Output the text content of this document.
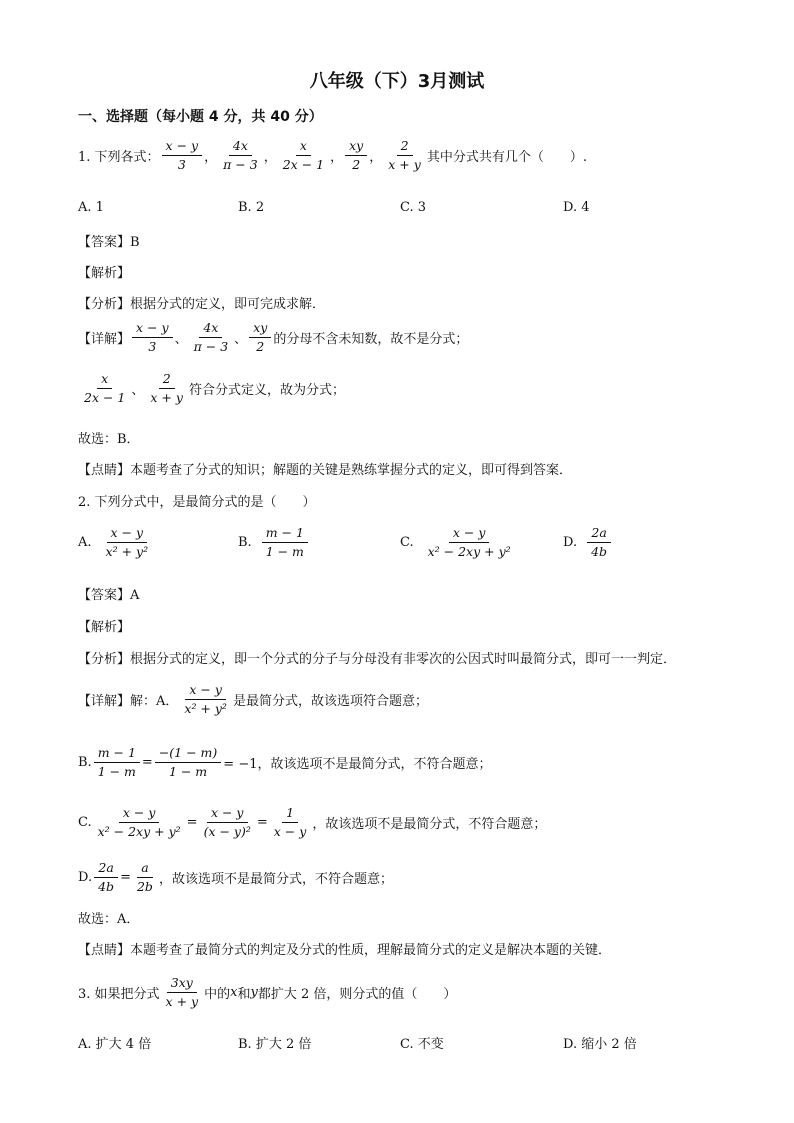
八年级（下）3月测试
一、选择题（每小题 4 分，共 40 分）
1. 下列各式：
x − y
3	，
4x
π − 3 ，
x
2x − 1 ，
xy
2 ，
2
x + y 其中分式共有几个（　　）.
A. 1	B. 2	C. 3	D. 4
【答案】B
【解析】
【分析】根据分式的定义，即可完成求解．
【详解】
x − y
3	、
4x
π − 3 、
xy
2 的分母不含未知数，故不是分式；
x
2x − 1 、
2
x + y 符合分式定义，故为分式；
故选：B．
【点睛】本题考查了分式的知识；解题的关键是熟练掌握分式的定义，即可得到答案．
2. 下列分式中，是最简分式的是（　　）
A.
x − y
x² + y²
B.
m − 1
1 − m
C.
x − y
x² − 2xy + y²
D.
2a
4b
【答案】A
【解析】
【分析】根据分式的定义，即一个分式的分子与分母没有非零次的公因式时叫最简分式，即可一一判定．
【详解】解：A．
x − y
x² + y² 是最简分式，故该选项符合题意；
B. $\frac{m - 1}{1 - m} = \frac{-(1 - m)}{1 - m} = -1$，故该选项不是最简分式，不符合题意；
C. $\frac{x - y}{\text{x² − 2xy + y²}} = \frac{x - y}{\text{(x − y)²}} = \frac{1}{x - y}$ ，故该选项不是最简分式，不符合题意；
D. $\frac{2a}{4b} = \frac{a}{2b}$ ，故该选项不是最简分式，不符合题意；
故选：A．
【点睛】本题考查了最简分式的判定及分式的性质，理解最简分式的定义是解决本题的关键．
3. 如果把分式
3xy
x + y 中的 x 和 y 都扩大 2 倍，则分式的值（　　）
A. 扩大 4 倍	B. 扩大 2 倍	C. 不变	D. 缩小 2 倍
